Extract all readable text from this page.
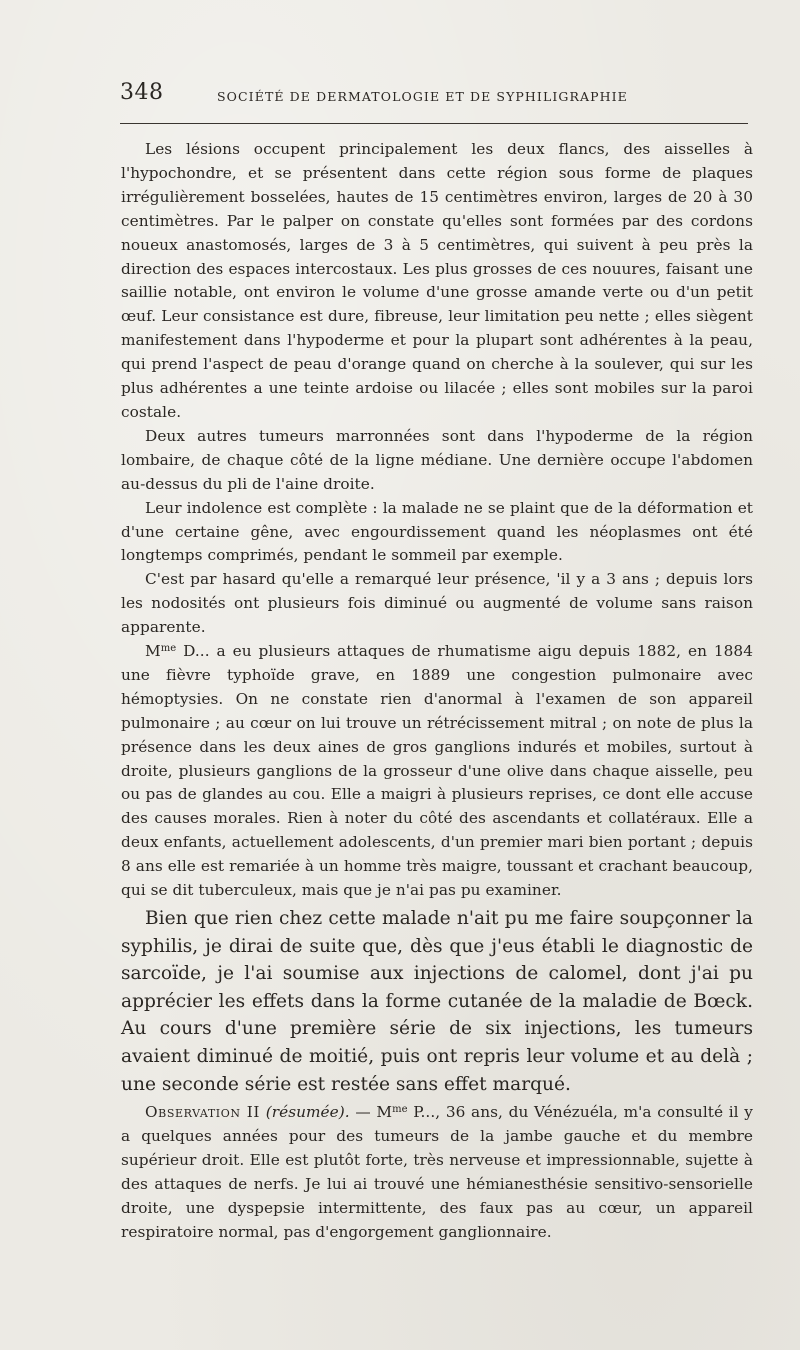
348	SOCIÉTÉ DE DERMATOLOGIE ET DE SYPHILIGRAPHIE

Les lésions occupent principalement les deux flancs, des aisselles à l'hypochondre, et se présentent dans cette région sous forme de plaques irrégulièrement bosselées, hautes de 15 centimètres environ, larges de 20 à 30 centimètres. Par le palper on constate qu'elles sont formées par des cordons noueux anastomosés, larges de 3 à 5 centimètres, qui suivent à peu près la direction des espaces intercostaux. Les plus grosses de ces nouures, faisant une saillie notable, ont environ le volume d'une grosse amande verte ou d'un petit œuf. Leur consistance est dure, fibreuse, leur limitation peu nette ; elles siègent manifestement dans l'hypoderme et pour la plupart sont adhérentes à la peau, qui prend l'aspect de peau d'orange quand on cherche à la soulever, qui sur les plus adhérentes a une teinte ardoise ou lilacée ; elles sont mobiles sur la paroi costale.

Deux autres tumeurs marronnées sont dans l'hypoderme de la région lombaire, de chaque côté de la ligne médiane. Une dernière occupe l'abdomen au-dessus du pli de l'aine droite.

Leur indolence est complète : la malade ne se plaint que de la déformation et d'une certaine gêne, avec engourdissement quand les néoplasmes ont été longtemps comprimés, pendant le sommeil par exemple.

C'est par hasard qu'elle a remarqué leur présence, 'il y a 3 ans ; depuis lors les nodosités ont plusieurs fois diminué ou augmenté de volume sans raison apparente.

$M^{me}$ D... a eu plusieurs attaques de rhumatisme aigu depuis 1882, en 1884 une fièvre typhoïde grave, en 1889 une congestion pulmonaire avec hémoptysies. On ne constate rien d'anormal à l'examen de son appareil pulmonaire ; au cœur on lui trouve un rétrécissement mitral ; on note de plus la présence dans les deux aines de gros ganglions indurés et mobiles, surtout à droite, plusieurs ganglions de la grosseur d'une olive dans chaque aisselle, peu ou pas de glandes au cou. Elle a maigri à plusieurs reprises, ce dont elle accuse des causes morales. Rien à noter du côté des ascendants et collatéraux. Elle a deux enfants, actuellement adolescents, d'un premier mari bien portant ; depuis 8 ans elle est remariée à un homme très maigre, toussant et crachant beaucoup, qui se dit tuberculeux, mais que je n'ai pas pu examiner.

Bien que rien chez cette malade n'ait pu me faire soupçonner la syphilis, je dirai de suite que, dès que j'eus établi le diagnostic de sarcoïde, je l'ai soumise aux injections de calomel, dont j'ai pu apprécier les effets dans la forme cutanée de la maladie de Bœck. Au cours d'une première série de six injections, les tumeurs avaient diminué de moitié, puis ont repris leur volume et au delà ; une seconde série est restée sans effet marqué.

Observation II (résumée). — $M^{me}$ P..., 36 ans, du Vénézuéla, m'a consulté il y a quelques années pour des tumeurs de la jambe gauche et du membre supérieur droit. Elle est plutôt forte, très nerveuse et impressionnable, sujette à des attaques de nerfs. Je lui ai trouvé une hémianesthésie sensitivo-sensorielle droite, une dyspepsie intermittente, des faux pas au cœur, un appareil respiratoire normal, pas d'engorgement ganglionnaire.
